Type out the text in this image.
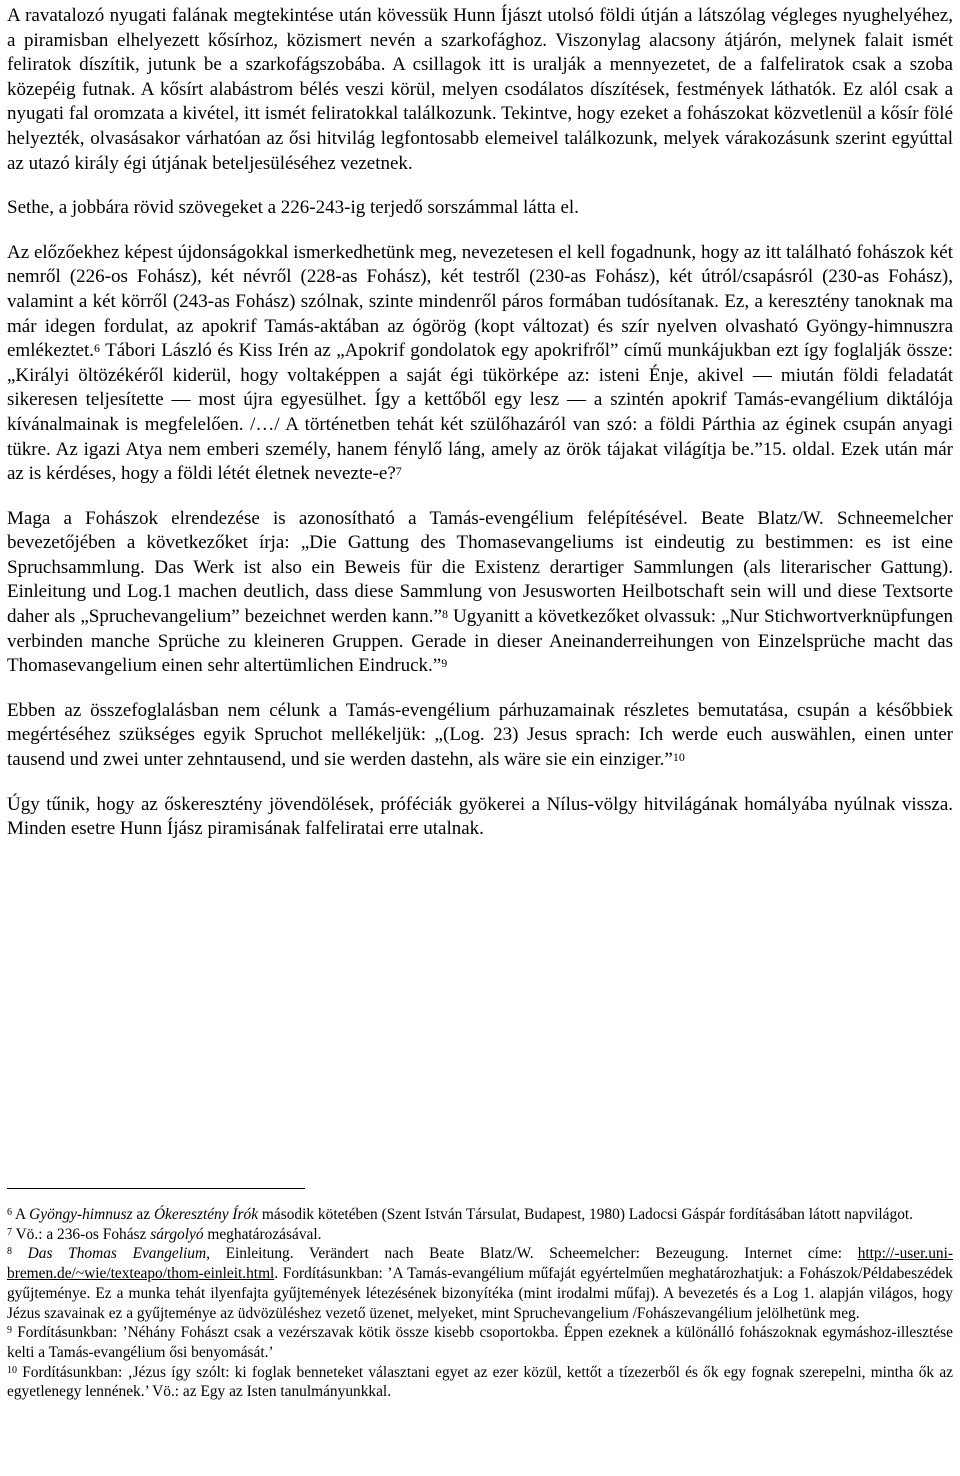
A ravatalozó nyugati falának megtekintése után kövessük Hunn Íjászt utolsó földi útján a látszólag végleges nyughelyéhez, a piramisban elhelyezett kősírhoz, közismert nevén a szarkofághoz. Viszonylag alacsony átjárón, melynek falait ismét feliratok díszítik, jutunk be a szarkofágszobába. A csillagok itt is uralják a mennyezetet, de a falfeliratok csak a szoba közepéig futnak. A kősírt alabástrom bélés veszi körül, melyen csodálatos díszítések, festmények láthatók. Ez alól csak a nyugati fal oromzata a kivétel, itt ismét feliratokkal találkozunk. Tekintve, hogy ezeket a fohászokat közvetlenül a kősír fölé helyezték, olvasásakor várhatóan az ősi hitvilág legfontosabb elemeivel találkozunk, melyek várakozásunk szerint egyúttal az utazó király égi útjának beteljesüléséhez vezetnek.

Sethe, a jobbára rövid szövegeket a 226-243-ig terjedő sorszámmal látta el.

Az előzőekhez képest újdonságokkal ismerkedhetünk meg, nevezetesen el kell fogadnunk, hogy az itt található fohászok két nemről (226-os Fohász), két névről (228-as Fohász), két testről (230-as Fohász), két útról/csapásról (230-as Fohász), valamint a két körről (243-as Fohász) szólnak, szinte mindenről páros formában tudósítanak. Ez, a keresztény tanoknak ma már idegen fordulat, az apokrif Tamás-aktában az ógörög (kopt változat) és szír nyelven olvasható Gyöngy-himnuszra emlékeztet.$^6$ Tábori László és Kiss Irén az „Apokrif gondolatok egy apokrifről” című munkájukban ezt így foglalják össze: „Királyi öltözékéről kiderül, hogy voltaképpen a saját égi tükörképe az: isteni Énje, akivel — miután földi feladatát sikeresen teljesítette — most újra egyesülhet. Így a kettőből egy lesz — a szintén apokrif Tamás-evangélium diktálója kívánalmainak is megfelelően. /…/ A történetben tehát két szülőhazáról van szó: a földi Párthia az éginek csupán anyagi tükre. Az igazi Atya nem emberi személy, hanem fénylő láng, amely az örök tájakat világítja be.”15. oldal. Ezek után már az is kérdéses, hogy a földi létét életnek nevezte-e?$^7$

Maga a Fohászok elrendezése is azonosítható a Tamás-evengélium felépítésével. Beate Blatz/W. Schneemelcher bevezetőjében a következőket írja: „Die Gattung des Thomasevangeliums ist eindeutig zu bestimmen: es ist eine Spruchsammlung. Das Werk ist also ein Beweis für die Existenz derartiger Sammlungen (als literarischer Gattung). Einleitung und Log.1 machen deutlich, dass diese Sammlung von Jesusworten Heilbotschaft sein will und diese Textsorte daher als „Spruchevangelium” bezeichnet werden kann.”$^8$ Ugyanitt a következőket olvassuk: „Nur Stichwortverknüpfungen verbinden manche Sprüche zu kleineren Gruppen. Gerade in dieser Aneinanderreihungen von Einzelsprüche macht das Thomasevangelium einen sehr altertümlichen Eindruck.”$^9$

Ebben az összefoglalásban nem célunk a Tamás-evengélium párhuzamainak részletes bemutatása, csupán a későbbiek megértéséhez szükséges egyik Spruchot mellékeljük: „(Log. 23) Jesus sprach: Ich werde euch auswählen, einen unter tausend und zwei unter zehntausend, und sie werden dastehn, als wäre sie ein einziger.”$^{10}$

Úgy tűnik, hogy az őskeresztény jövendölések, próféciák gyökerei a Nílus-völgy hitvilágának homályába nyúlnak vissza. Minden esetre Hunn Íjász piramisának falfeliratai erre utalnak.

$^6$ A Gyöngy-himnusz az Ókeresztény Írók második kötetében (Szent István Társulat, Budapest, 1980) Ladocsi Gáspár fordításában látott napvilágot.

$^7$ Vö.: a 236-os Fohász sárgolyó meghatározásával.

$^8$ Das Thomas Evangelium, Einleitung. Verändert nach Beate Blatz/W. Scheemelcher: Bezeugung. Internet címe: http://-user.uni-bremen.de/~wie/texteapo/thom-einleit.html. Fordításunkban: ’A Tamás-evangélium műfaját egyértelműen meghatározhatjuk: a Fohászok/Példabeszédek gyűjteménye. Ez a munka tehát ilyenfajta gyűjtemények létezésének bizonyítéka (mint irodalmi műfaj). A bevezetés és a Log 1. alapján világos, hogy Jézus szavainak ez a gyűjteménye az üdvözüléshez vezető üzenet, melyeket, mint Spruchevangelium /Fohászevangélium jelölhetünk meg.

$^9$ Fordításunkban: ’Néhány Fohászt csak a vezérszavak kötik össze kisebb csoportokba. Éppen ezeknek a különálló fohászoknak egymáshoz-illesztése kelti a Tamás-evangélium ősi benyomását.’

$^{10}$ Fordításunkban: ‚Jézus így szólt: ki foglak benneteket választani egyet az ezer közül, kettőt a tízezerből és ők egy fognak szerepelni, mintha ők az egyetlenegy lennének.’ Vö.: az Egy az Isten tanulmányunkkal.
